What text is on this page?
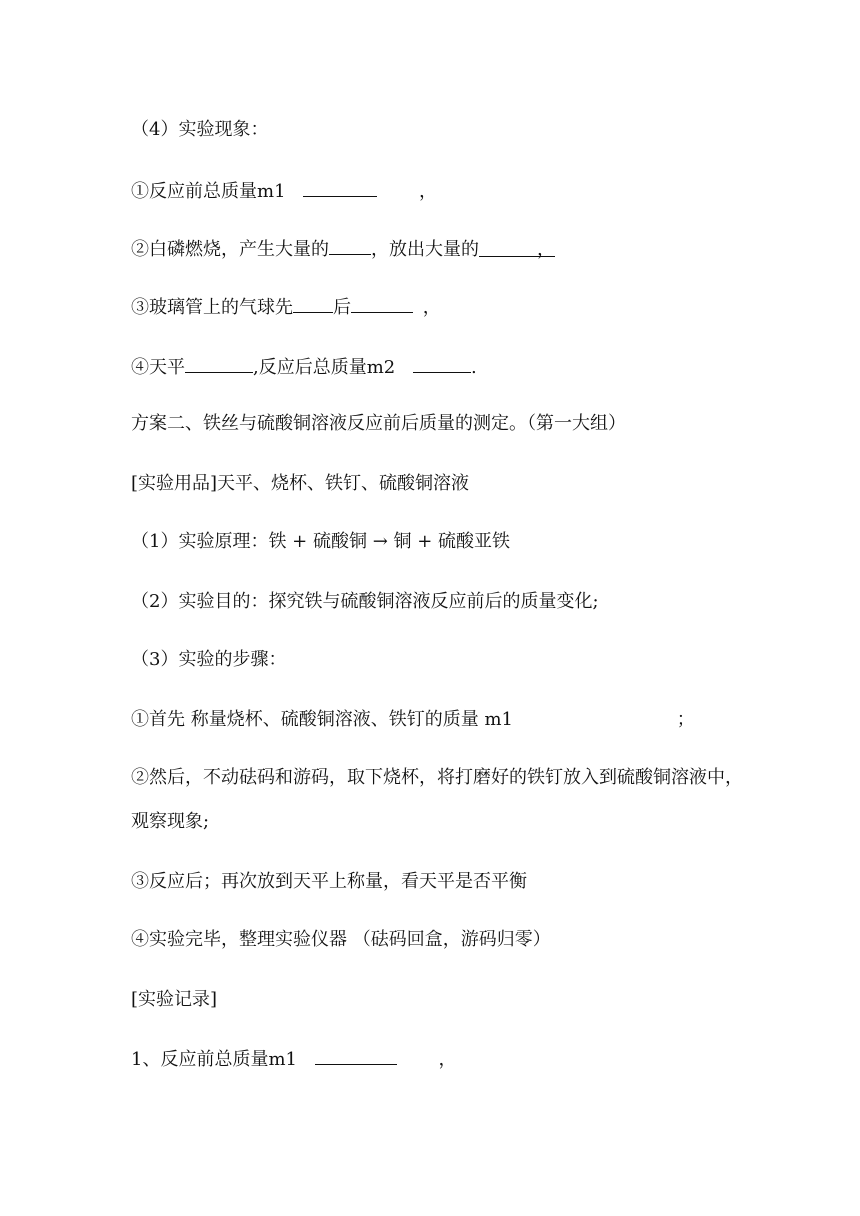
（4）实验现象：
①反应前总质量m1	，
②白磷燃烧，产生大量的 ，放出大量的	，
③玻璃管上的气球先 后	，
④天平	,反应后总质量m2	.
方案二、铁丝与硫酸铜溶液反应前后质量的测定。（第一大组）
[实验用品]天平、烧杯、铁钉、硫酸铜溶液
（1）实验原理：铁 + 硫酸铜 → 铜 + 硫酸亚铁
（2）实验目的：探究铁与硫酸铜溶液反应前后的质量变化;
（3）实验的步骤：
①首先 称量烧杯、硫酸铜溶液、铁钉的质量 m1	；
②然后，不动砝码和游码，取下烧杯，将打磨好的铁钉放入到硫酸铜溶液中，
观察现象;
③反应后；再次放到天平上称量，看天平是否平衡
④实验完毕，整理实验仪器 （砝码回盒，游码归零）
[实验记录]
1、反应前总质量m1	，
